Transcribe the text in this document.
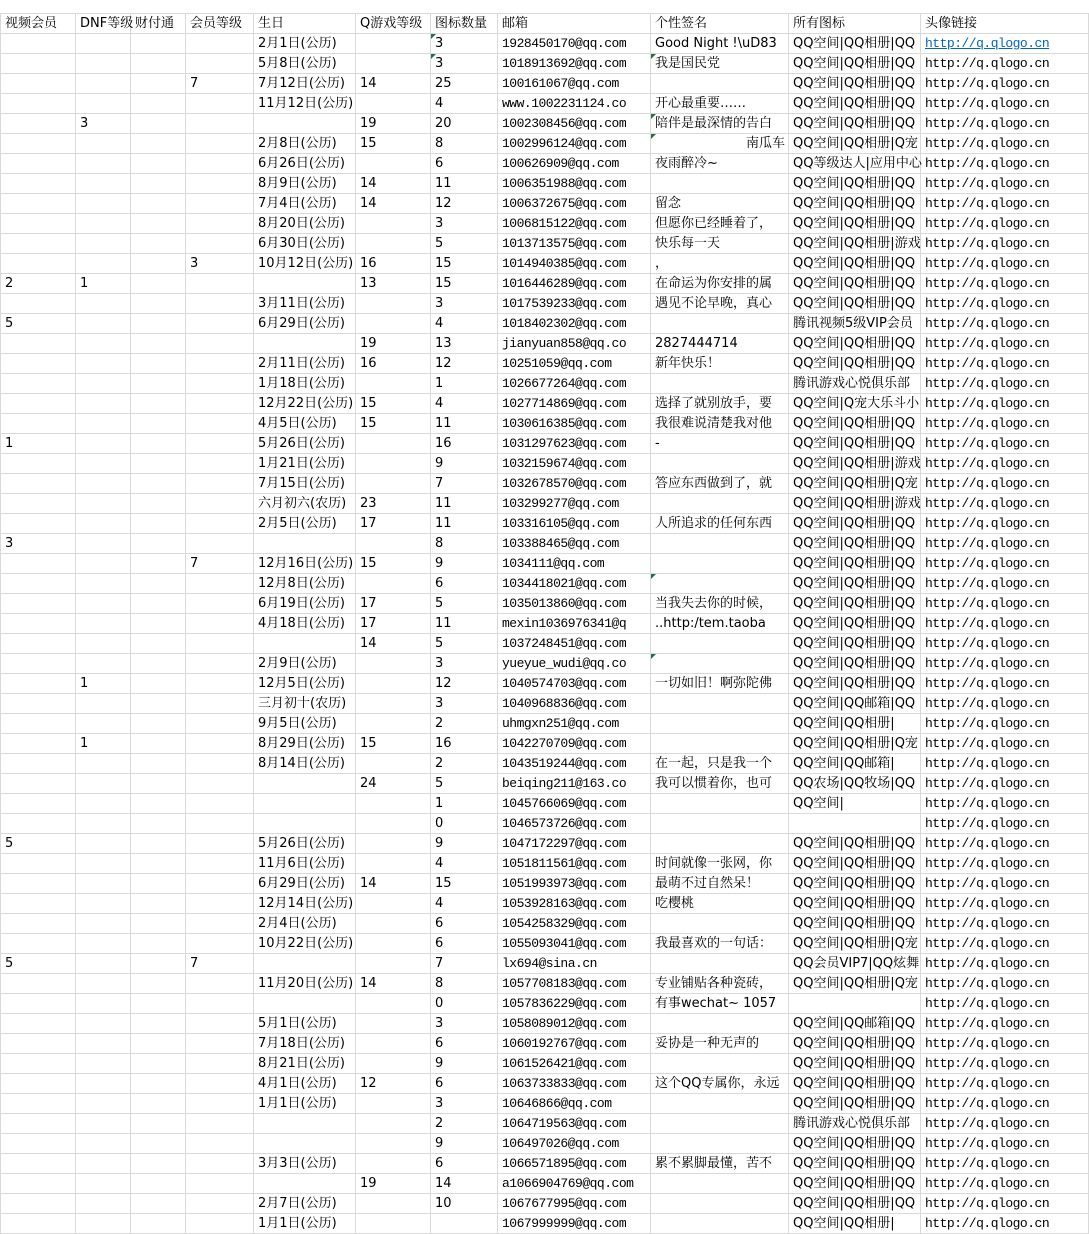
视频会员	DNF等级	财付通	会员等级	生日	Q游戏等级	图标数量	邮箱	个性签名	所有图标	头像链接
				2月1日(公历)		3	1928450170@qq.com	Good Night !\uD83	QQ空间|QQ相册|QQ	http://q.qlogo.cn
				5月8日(公历)		3	1018913692@qq.com	我是国民党	QQ空间|QQ相册|QQ	http://q.qlogo.cn
			7	7月12日(公历)	14	25	100161067@qq.com		QQ空间|QQ相册|QQ	http://q.qlogo.cn
				11月12日(公历)		4	www.1002231124.co	开心最重要……	QQ空间|QQ相册|QQ	http://q.qlogo.cn
	3				19	20	1002308456@qq.com	陪伴是最深情的告白	QQ空间|QQ相册|QQ	http://q.qlogo.cn
				2月8日(公历)	15	8	1002996124@qq.com	南瓜车	QQ空间|QQ相册|Q宠	http://q.qlogo.cn
				6月26日(公历)		6	100626909@qq.com	夜雨醉冷~	QQ等级达人|应用中心	http://q.qlogo.cn
				8月9日(公历)	14	11	1006351988@qq.com		QQ空间|QQ相册|QQ	http://q.qlogo.cn
				7月4日(公历)	14	12	1006372675@qq.com	留念	QQ空间|QQ相册|QQ	http://q.qlogo.cn
				8月20日(公历)		3	1006815122@qq.com	但愿你已经睡着了，	QQ空间|QQ相册|QQ	http://q.qlogo.cn
				6月30日(公历)		5	1013713575@qq.com	快乐每一天	QQ空间|QQ相册|游戏	http://q.qlogo.cn
			3	10月12日(公历)	16	15	1014940385@qq.com	，	QQ空间|QQ相册|QQ	http://q.qlogo.cn
2	1				13	15	1016446289@qq.com	在命运为你安排的属	QQ空间|QQ相册|QQ	http://q.qlogo.cn
				3月11日(公历)		3	1017539233@qq.com	遇见不论早晚，真心	QQ空间|QQ相册|QQ	http://q.qlogo.cn
5				6月29日(公历)		4	1018402302@qq.com		腾讯视频5级VIP会员	http://q.qlogo.cn
					19	13	jianyuan858@qq.co	2827444714	QQ空间|QQ相册|QQ	http://q.qlogo.cn
				2月11日(公历)	16	12	10251059@qq.com	新年快乐！	QQ空间|QQ相册|QQ	http://q.qlogo.cn
				1月18日(公历)		1	1026677264@qq.com		腾讯游戏心悦俱乐部	http://q.qlogo.cn
				12月22日(公历)	15	4	1027714869@qq.com	选择了就别放手，要	QQ空间|Q宠大乐斗小	http://q.qlogo.cn
				4月5日(公历)	15	11	1030616385@qq.com	我很难说清楚我对他	QQ空间|QQ相册|QQ	http://q.qlogo.cn
1				5月26日(公历)		16	1031297623@qq.com	-	QQ空间|QQ相册|QQ	http://q.qlogo.cn
				1月21日(公历)		9	1032159674@qq.com		QQ空间|QQ相册|游戏	http://q.qlogo.cn
				7月15日(公历)		7	1032678570@qq.com	答应东西做到了，就	QQ空间|QQ相册|Q宠	http://q.qlogo.cn
				六月初六(农历)	23	11	103299277@qq.com		QQ空间|QQ相册|游戏	http://q.qlogo.cn
				2月5日(公历)	17	11	103316105@qq.com	人所追求的任何东西	QQ空间|QQ相册|QQ	http://q.qlogo.cn
3						8	103388465@qq.com		QQ空间|QQ相册|QQ	http://q.qlogo.cn
			7	12月16日(公历)	15	9	1034111@qq.com		QQ空间|QQ相册|QQ	http://q.qlogo.cn
				12月8日(公历)		6	1034418021@qq.com		QQ空间|QQ相册|QQ	http://q.qlogo.cn
				6月19日(公历)	17	5	1035013860@qq.com	当我失去你的时候，	QQ空间|QQ相册|QQ	http://q.qlogo.cn
				4月18日(公历)	17	11	mexin1036976341@q	..http:/tem.taoba	QQ空间|QQ相册|QQ	http://q.qlogo.cn
					14	5	1037248451@qq.com		QQ空间|QQ相册|QQ	http://q.qlogo.cn
				2月9日(公历)		3	yueyue_wudi@qq.co		QQ空间|QQ相册|QQ	http://q.qlogo.cn
	1			12月5日(公历)		12	1040574703@qq.com	一切如旧！啊弥陀佛	QQ空间|QQ相册|QQ	http://q.qlogo.cn
				三月初十(农历)		3	1040968836@qq.com		QQ空间|QQ邮箱|QQ	http://q.qlogo.cn
				9月5日(公历)		2	uhmgxn251@qq.com		QQ空间|QQ相册|	http://q.qlogo.cn
	1			8月29日(公历)	15	16	1042270709@qq.com		QQ空间|QQ相册|Q宠	http://q.qlogo.cn
				8月14日(公历)		2	1043519244@qq.com	在一起，只是我一个	QQ空间|QQ邮箱|	http://q.qlogo.cn
					24	5	beiqing211@163.co	我可以惯着你，也可	QQ农场|QQ牧场|QQ	http://q.qlogo.cn
						1	1045766069@qq.com		QQ空间|	http://q.qlogo.cn
						0	1046573726@qq.com			http://q.qlogo.cn
5				5月26日(公历)		9	1047172297@qq.com		QQ空间|QQ相册|QQ	http://q.qlogo.cn
				11月6日(公历)		4	1051811561@qq.com	时间就像一张网，你	QQ空间|QQ相册|QQ	http://q.qlogo.cn
				6月29日(公历)	14	15	1051993973@qq.com	最萌不过自然呆！	QQ空间|QQ相册|QQ	http://q.qlogo.cn
				12月14日(公历)		4	1053928163@qq.com	吃樱桃	QQ空间|QQ相册|QQ	http://q.qlogo.cn
				2月4日(公历)		6	1054258329@qq.com		QQ空间|QQ相册|QQ	http://q.qlogo.cn
				10月22日(公历)		6	1055093041@qq.com	我最喜欢的一句话：	QQ空间|QQ相册|Q宠	http://q.qlogo.cn
5			7			7	lx694@sina.cn		QQ会员VIP7|QQ炫舞	http://q.qlogo.cn
				11月20日(公历)	14	8	1057708183@qq.com	专业铺贴各种瓷砖，	QQ空间|QQ相册|Q宠	http://q.qlogo.cn
						0	1057836229@qq.com	有事wechat~ 1057		http://q.qlogo.cn
				5月1日(公历)		3	1058089012@qq.com		QQ空间|QQ邮箱|QQ	http://q.qlogo.cn
				7月18日(公历)		6	1060192767@qq.com	妥协是一种无声的	QQ空间|QQ相册|QQ	http://q.qlogo.cn
				8月21日(公历)		9	1061526421@qq.com		QQ空间|QQ相册|QQ	http://q.qlogo.cn
				4月1日(公历)	12	6	1063733833@qq.com	这个QQ专属你，永远	QQ空间|QQ相册|QQ	http://q.qlogo.cn
				1月1日(公历)		3	10646866@qq.com		QQ空间|QQ相册|QQ	http://q.qlogo.cn
						2	1064719563@qq.com		腾讯游戏心悦俱乐部	http://q.qlogo.cn
						9	106497026@qq.com		QQ空间|QQ相册|QQ	http://q.qlogo.cn
				3月3日(公历)		6	1066571895@qq.com	累不累脚最懂，苦不	QQ空间|QQ相册|QQ	http://q.qlogo.cn
					19	14	a1066904769@qq.com		QQ空间|QQ相册|QQ	http://q.qlogo.cn
				2月7日(公历)		10	1067677995@qq.com		QQ空间|QQ相册|QQ	http://q.qlogo.cn
				1月1日(公历)			1067999999@qq.com		QQ空间|QQ相册|	http://q.qlogo.cn
